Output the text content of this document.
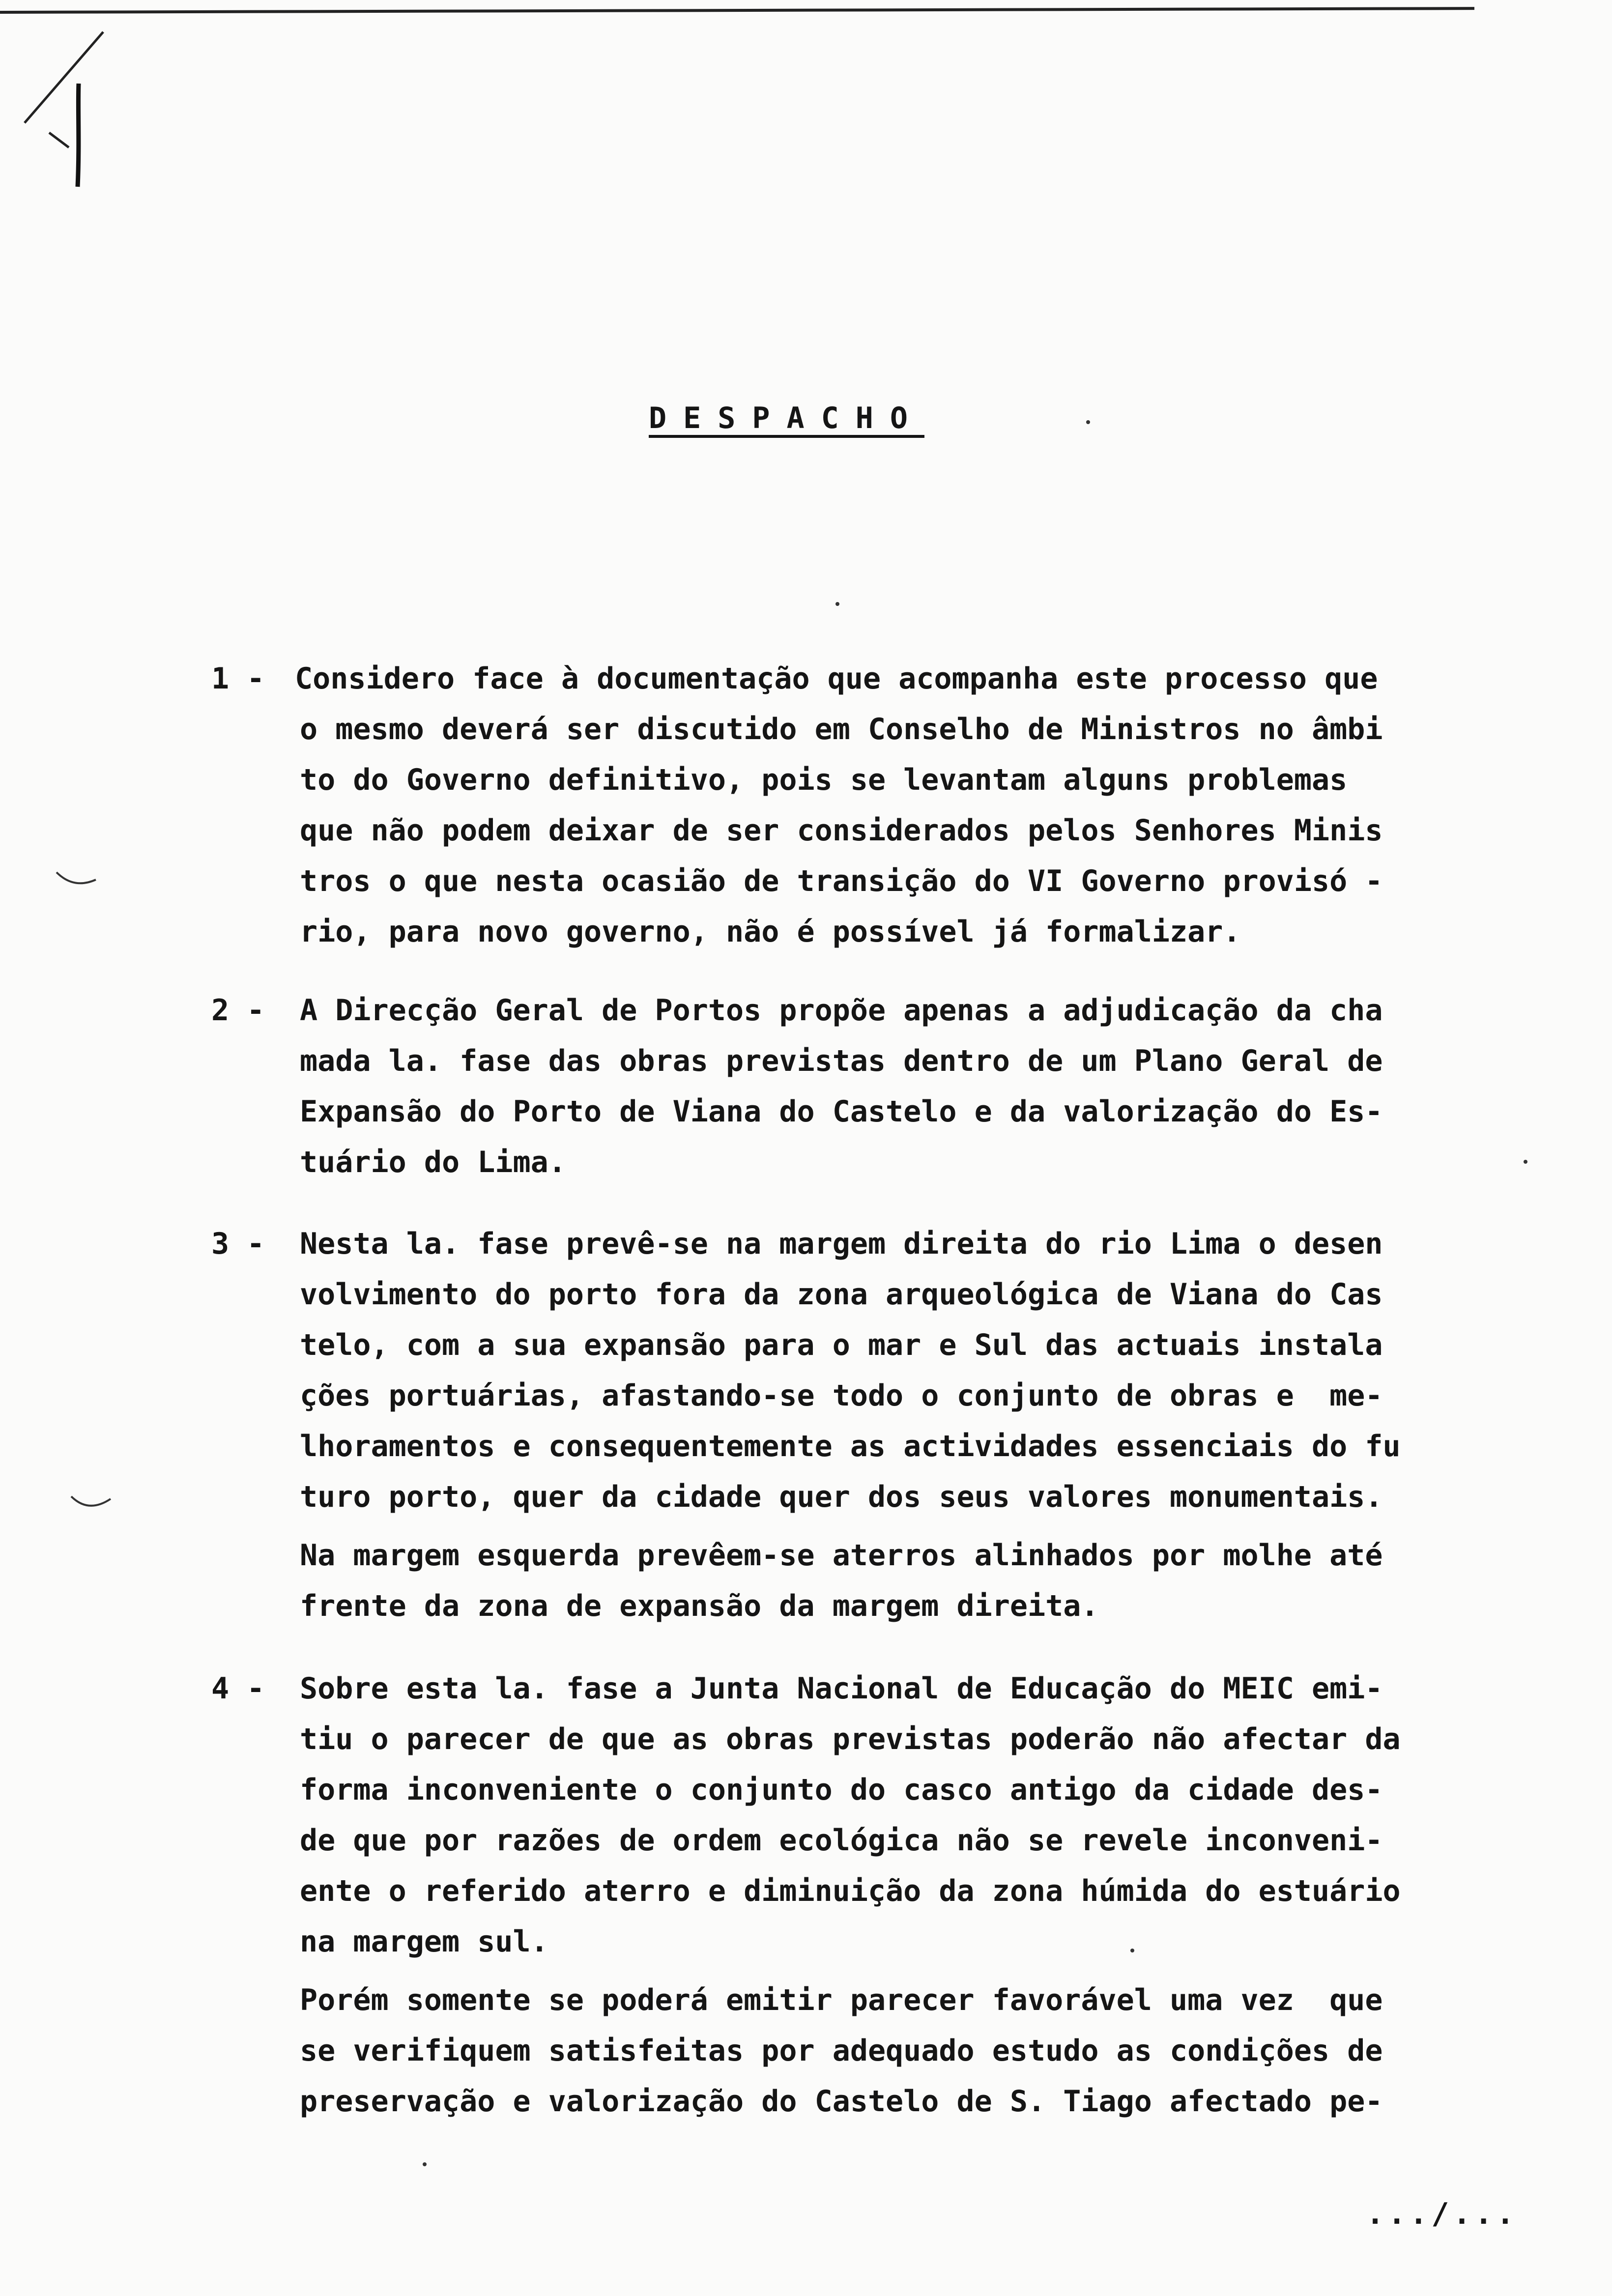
DESPACHO
1 -	Considero face à documentação que acompanha este processo que
o mesmo deverá ser discutido em Conselho de Ministros no âmbi
to do Governo definitivo, pois se levantam alguns problemas
que não podem deixar de ser considerados pelos Senhores Minis
tros o que nesta ocasião de transição do VI Governo provisó -
rio, para novo governo, não é possível já formalizar.
2 -	A Direcção Geral de Portos propõe apenas a adjudicação da cha
mada la. fase das obras previstas dentro de um Plano Geral de
Expansão do Porto de Viana do Castelo e da valorização do Es-
tuário do Lima.
3 -	Nesta la. fase prevê-se na margem direita do rio Lima o desen
volvimento do porto fora da zona arqueológica de Viana do Cas
telo, com a sua expansão para o mar e Sul das actuais instala
ções portuárias, afastando-se todo o conjunto de obras e  me-
lhoramentos e consequentemente as actividades essenciais do fu
turo porto, quer da cidade quer dos seus valores monumentais.
Na margem esquerda prevêem-se aterros alinhados por molhe até
frente da zona de expansão da margem direita.
4 -	Sobre esta la. fase a Junta Nacional de Educação do MEIC emi-
tiu o parecer de que as obras previstas poderão não afectar da
forma inconveniente o conjunto do casco antigo da cidade des-
de que por razões de ordem ecológica não se revele inconveni-
ente o referido aterro e diminuição da zona húmida do estuário
na margem sul.
Porém somente se poderá emitir parecer favorável uma vez  que
se verifiquem satisfeitas por adequado estudo as condições de
preservação e valorização do Castelo de S. Tiago afectado pe-
.../...
